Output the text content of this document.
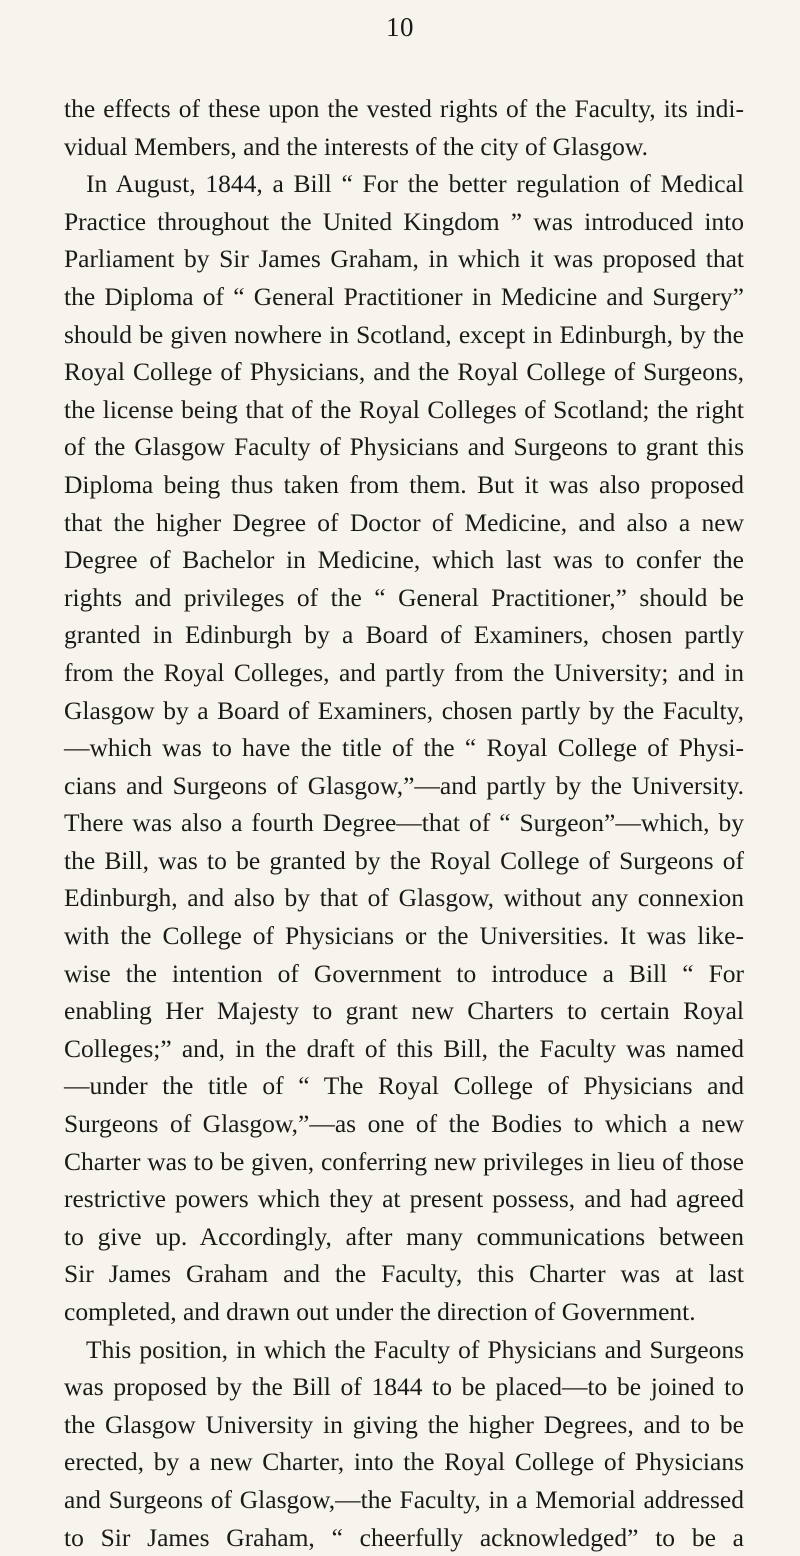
10
the effects of these upon the vested rights of the Faculty, its indi-
vidual Members, and the interests of the city of Glasgow.
In August, 1844, a Bill “ For the better regulation of Medical
Practice throughout the United Kingdom ” was introduced into
Parliament by Sir James Graham, in which it was proposed that
the Diploma of “ General Practitioner in Medicine and Surgery”
should be given nowhere in Scotland, except in Edinburgh, by the
Royal College of Physicians, and the Royal College of Surgeons,
the license being that of the Royal Colleges of Scotland; the right
of the Glasgow Faculty of Physicians and Surgeons to grant this
Diploma being thus taken from them. But it was also proposed
that the higher Degree of Doctor of Medicine, and also a new
Degree of Bachelor in Medicine, which last was to confer the
rights and privileges of the “ General Practitioner,” should be
granted in Edinburgh by a Board of Examiners, chosen partly
from the Royal Colleges, and partly from the University; and in
Glasgow by a Board of Examiners, chosen partly by the Faculty,
—which was to have the title of the “ Royal College of Physi-
cians and Surgeons of Glasgow,”—and partly by the University.
There was also a fourth Degree—that of “ Surgeon”—which, by
the Bill, was to be granted by the Royal College of Surgeons of
Edinburgh, and also by that of Glasgow, without any connexion
with the College of Physicians or the Universities. It was like-
wise the intention of Government to introduce a Bill “ For
enabling Her Majesty to grant new Charters to certain Royal
Colleges;” and, in the draft of this Bill, the Faculty was named
—under the title of “ The Royal College of Physicians and
Surgeons of Glasgow,”—as one of the Bodies to which a new
Charter was to be given, conferring new privileges in lieu of those
restrictive powers which they at present possess, and had agreed
to give up. Accordingly, after many communications between
Sir James Graham and the Faculty, this Charter was at last
completed, and drawn out under the direction of Government.
This position, in which the Faculty of Physicians and Surgeons
was proposed by the Bill of 1844 to be placed—to be joined to
the Glasgow University in giving the higher Degrees, and to be
erected, by a new Charter, into the Royal College of Physicians
and Surgeons of Glasgow,—the Faculty, in a Memorial addressed
to Sir James Graham, “ cheerfully acknowledged” to be a
